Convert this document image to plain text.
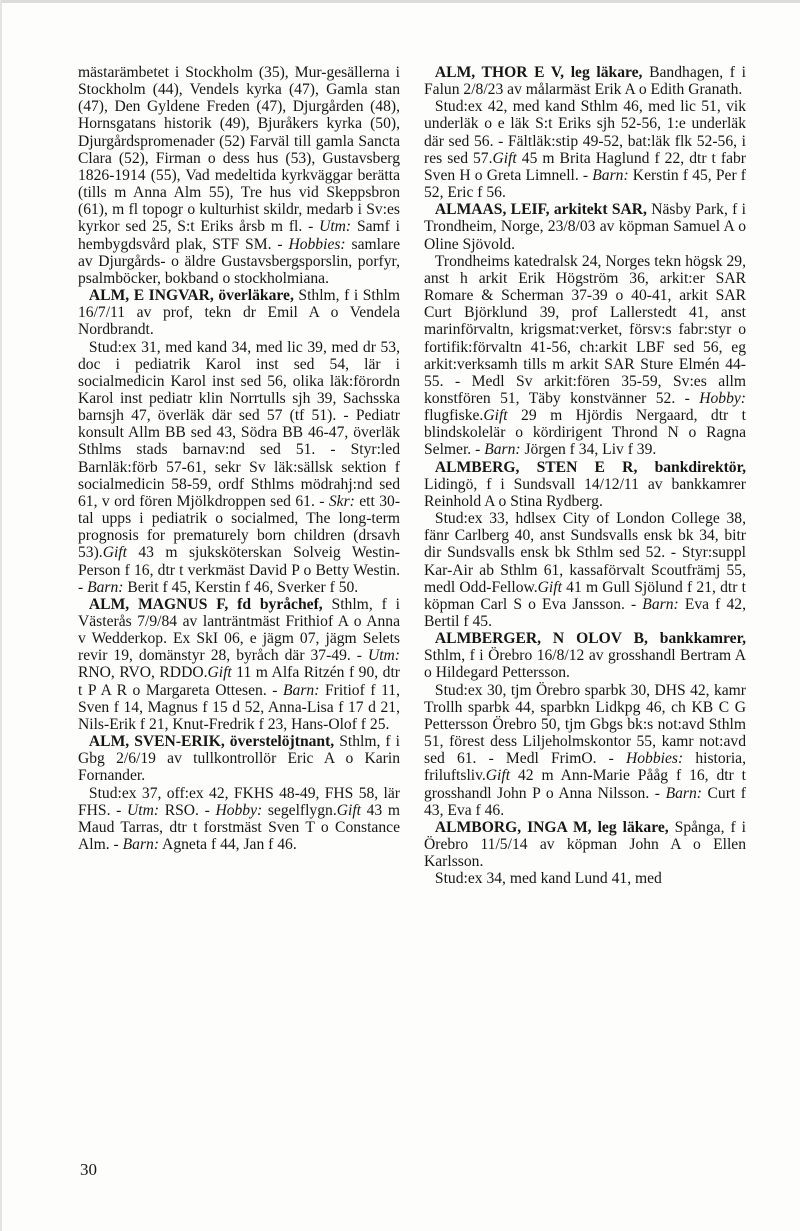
mästarämbetet i Stockholm (35), Mur-gesällerna i Stockholm (44), Vendels kyrka (47), Gamla stan (47), Den Gyldene Freden (47), Djurgården (48), Hornsgatans historik (49), Bjuråkers kyrka (50), Djurgårdspromenader (52) Farväl till gamla Sancta Clara (52), Firman o dess hus (53), Gustavsberg 1826-1914 (55), Vad medeltida kyrkväggar berätta (tills m Anna Alm 55), Tre hus vid Skeppsbron (61), m fl topogr o kulturhist skildr, medarb i Sv:es kyrkor sed 25, S:t Eriks årsb m fl. - Utm: Samf i hembygdsvård plak, STF SM. - Hobbies: samlare av Djurgårds- o äldre Gustavsbergsporslin, porfyr, psalmböcker, bokband o stockholmiana.

ALM, E INGVAR, överläkare, Sthlm, f i Sthlm 16/7/11 av prof, tekn dr Emil A o Vendela Nordbrandt.

Stud:ex 31, med kand 34, med lic 39, med dr 53, doc i pediatrik Karol inst sed 54, lär i socialmedicin Karol inst sed 56, olika läk:förordn Karol inst pediatr klin Norrtulls sjh 39, Sachsska barnsjh 47, överläk där sed 57 (tf 51). - Pediatr konsult Allm BB sed 43, Södra BB 46-47, överläk Sthlms stads barnav:nd sed 51. - Styr:led Barnläk:förb 57-61, sekr Sv läk:sällsk sektion f socialmedicin 58-59, ordf Sthlms mödrahj:nd sed 61, v ord fören Mjölkdroppen sed 61. - Skr: ett 30-tal upps i pediatrik o socialmed, The long-term prognosis for prematurely born children (drsavh 53).Gift 43 m sjuksköterskan Solveig Westin-Person f 16, dtr t verkmäst David P o Betty Westin. - Barn: Berit f 45, Kerstin f 46, Sverker f 50.

ALM, MAGNUS F, fd byråchef, Sthlm, f i Västerås 7/9/84 av lanträntmäst Frithiof A o Anna v Wedderkop. Ex SkI 06, e jägm 07, jägm Selets revir 19, domänstyr 28, byråch där 37-49. - Utm: RNO, RVO, RDDO.Gift 11 m Alfa Ritzén f 90, dtr t P A R o Margareta Ottesen. - Barn: Fritiof f 11, Sven f 14, Magnus f 15 d 52, Anna-Lisa f 17 d 21, Nils-Erik f 21, Knut-Fredrik f 23, Hans-Olof f 25.

ALM, SVEN-ERIK, överstelöjtnant, Sthlm, f i Gbg 2/6/19 av tullkontrollör Eric A o Karin Fornander.

Stud:ex 37, off:ex 42, FKHS 48-49, FHS 58, lär FHS. - Utm: RSO. - Hobby: segelflygn.Gift 43 m Maud Tarras, dtr t forstmäst Sven T o Constance Alm. - Barn: Agneta f 44, Jan f 46.

ALM, THOR E V, leg läkare, Bandhagen, f i Falun 2/8/23 av målarmäst Erik A o Edith Granath.

Stud:ex 42, med kand Sthlm 46, med lic 51, vik underläk o e läk S:t Eriks sjh 52-56, 1:e underläk där sed 56. - Fältläk:stip 49-52, bat:läk flk 52-56, i res sed 57.Gift 45 m Brita Haglund f 22, dtr t fabr Sven H o Greta Limnell. - Barn: Kerstin f 45, Per f 52, Eric f 56.

ALMAAS, LEIF, arkitekt SAR, Näsby Park, f i Trondheim, Norge, 23/8/03 av köpman Samuel A o Oline Sjövold.

Trondheims katedralsk 24, Norges tekn högsk 29, anst h arkit Erik Högström 36, arkit:er SAR Romare & Scherman 37-39 o 40-41, arkit SAR Curt Björklund 39, prof Lallerstedt 41, anst marinförvaltn, krigsmat:verket, försv:s fabr:styr o fortifik:förvaltn 41-56, ch:arkit LBF sed 56, eg arkit:verksamh tills m arkit SAR Sture Elmén 44-55. - Medl Sv arkit:fören 35-59, Sv:es allm konstfören 51, Täby konstvänner 52. - Hobby: flugfiske.Gift 29 m Hjördis Nergaard, dtr t blindskolelär o kördirigent Thrond N o Ragna Selmer. - Barn: Jörgen f 34, Liv f 39.

ALMBERG, STEN E R, bankdirektör, Lidingö, f i Sundsvall 14/12/11 av bankkamrer Reinhold A o Stina Rydberg.

Stud:ex 33, hdlsex City of London College 38, fänr Carlberg 40, anst Sundsvalls ensk bk 34, bitr dir Sundsvalls ensk bk Sthlm sed 52. - Styr:suppl Kar-Air ab Sthlm 61, kassaförvalt Scoutfrämj 55, medl Odd-Fellow.Gift 41 m Gull Sjölund f 21, dtr t köpman Carl S o Eva Jansson. - Barn: Eva f 42, Bertil f 45.

ALMBERGER, N OLOV B, bankkamrer, Sthlm, f i Örebro 16/8/12 av grosshandl Bertram A o Hildegard Pettersson.

Stud:ex 30, tjm Örebro sparbk 30, DHS 42, kamr Trollh sparbk 44, sparbkn Lidkpg 46, ch KB C G Pettersson Örebro 50, tjm Gbgs bk:s not:avd Sthlm 51, förest dess Liljeholmskontor 55, kamr not:avd sed 61. - Medl FrimO. - Hobbies: historia, friluftsliv.Gift 42 m Ann-Marie Pååg f 16, dtr t grosshandl John P o Anna Nilsson. - Barn: Curt f 43, Eva f 46.

ALMBORG, INGA M, leg läkare, Spånga, f i Örebro 11/5/14 av köpman John A o Ellen Karlsson.

Stud:ex 34, med kand Lund 41, med

30
